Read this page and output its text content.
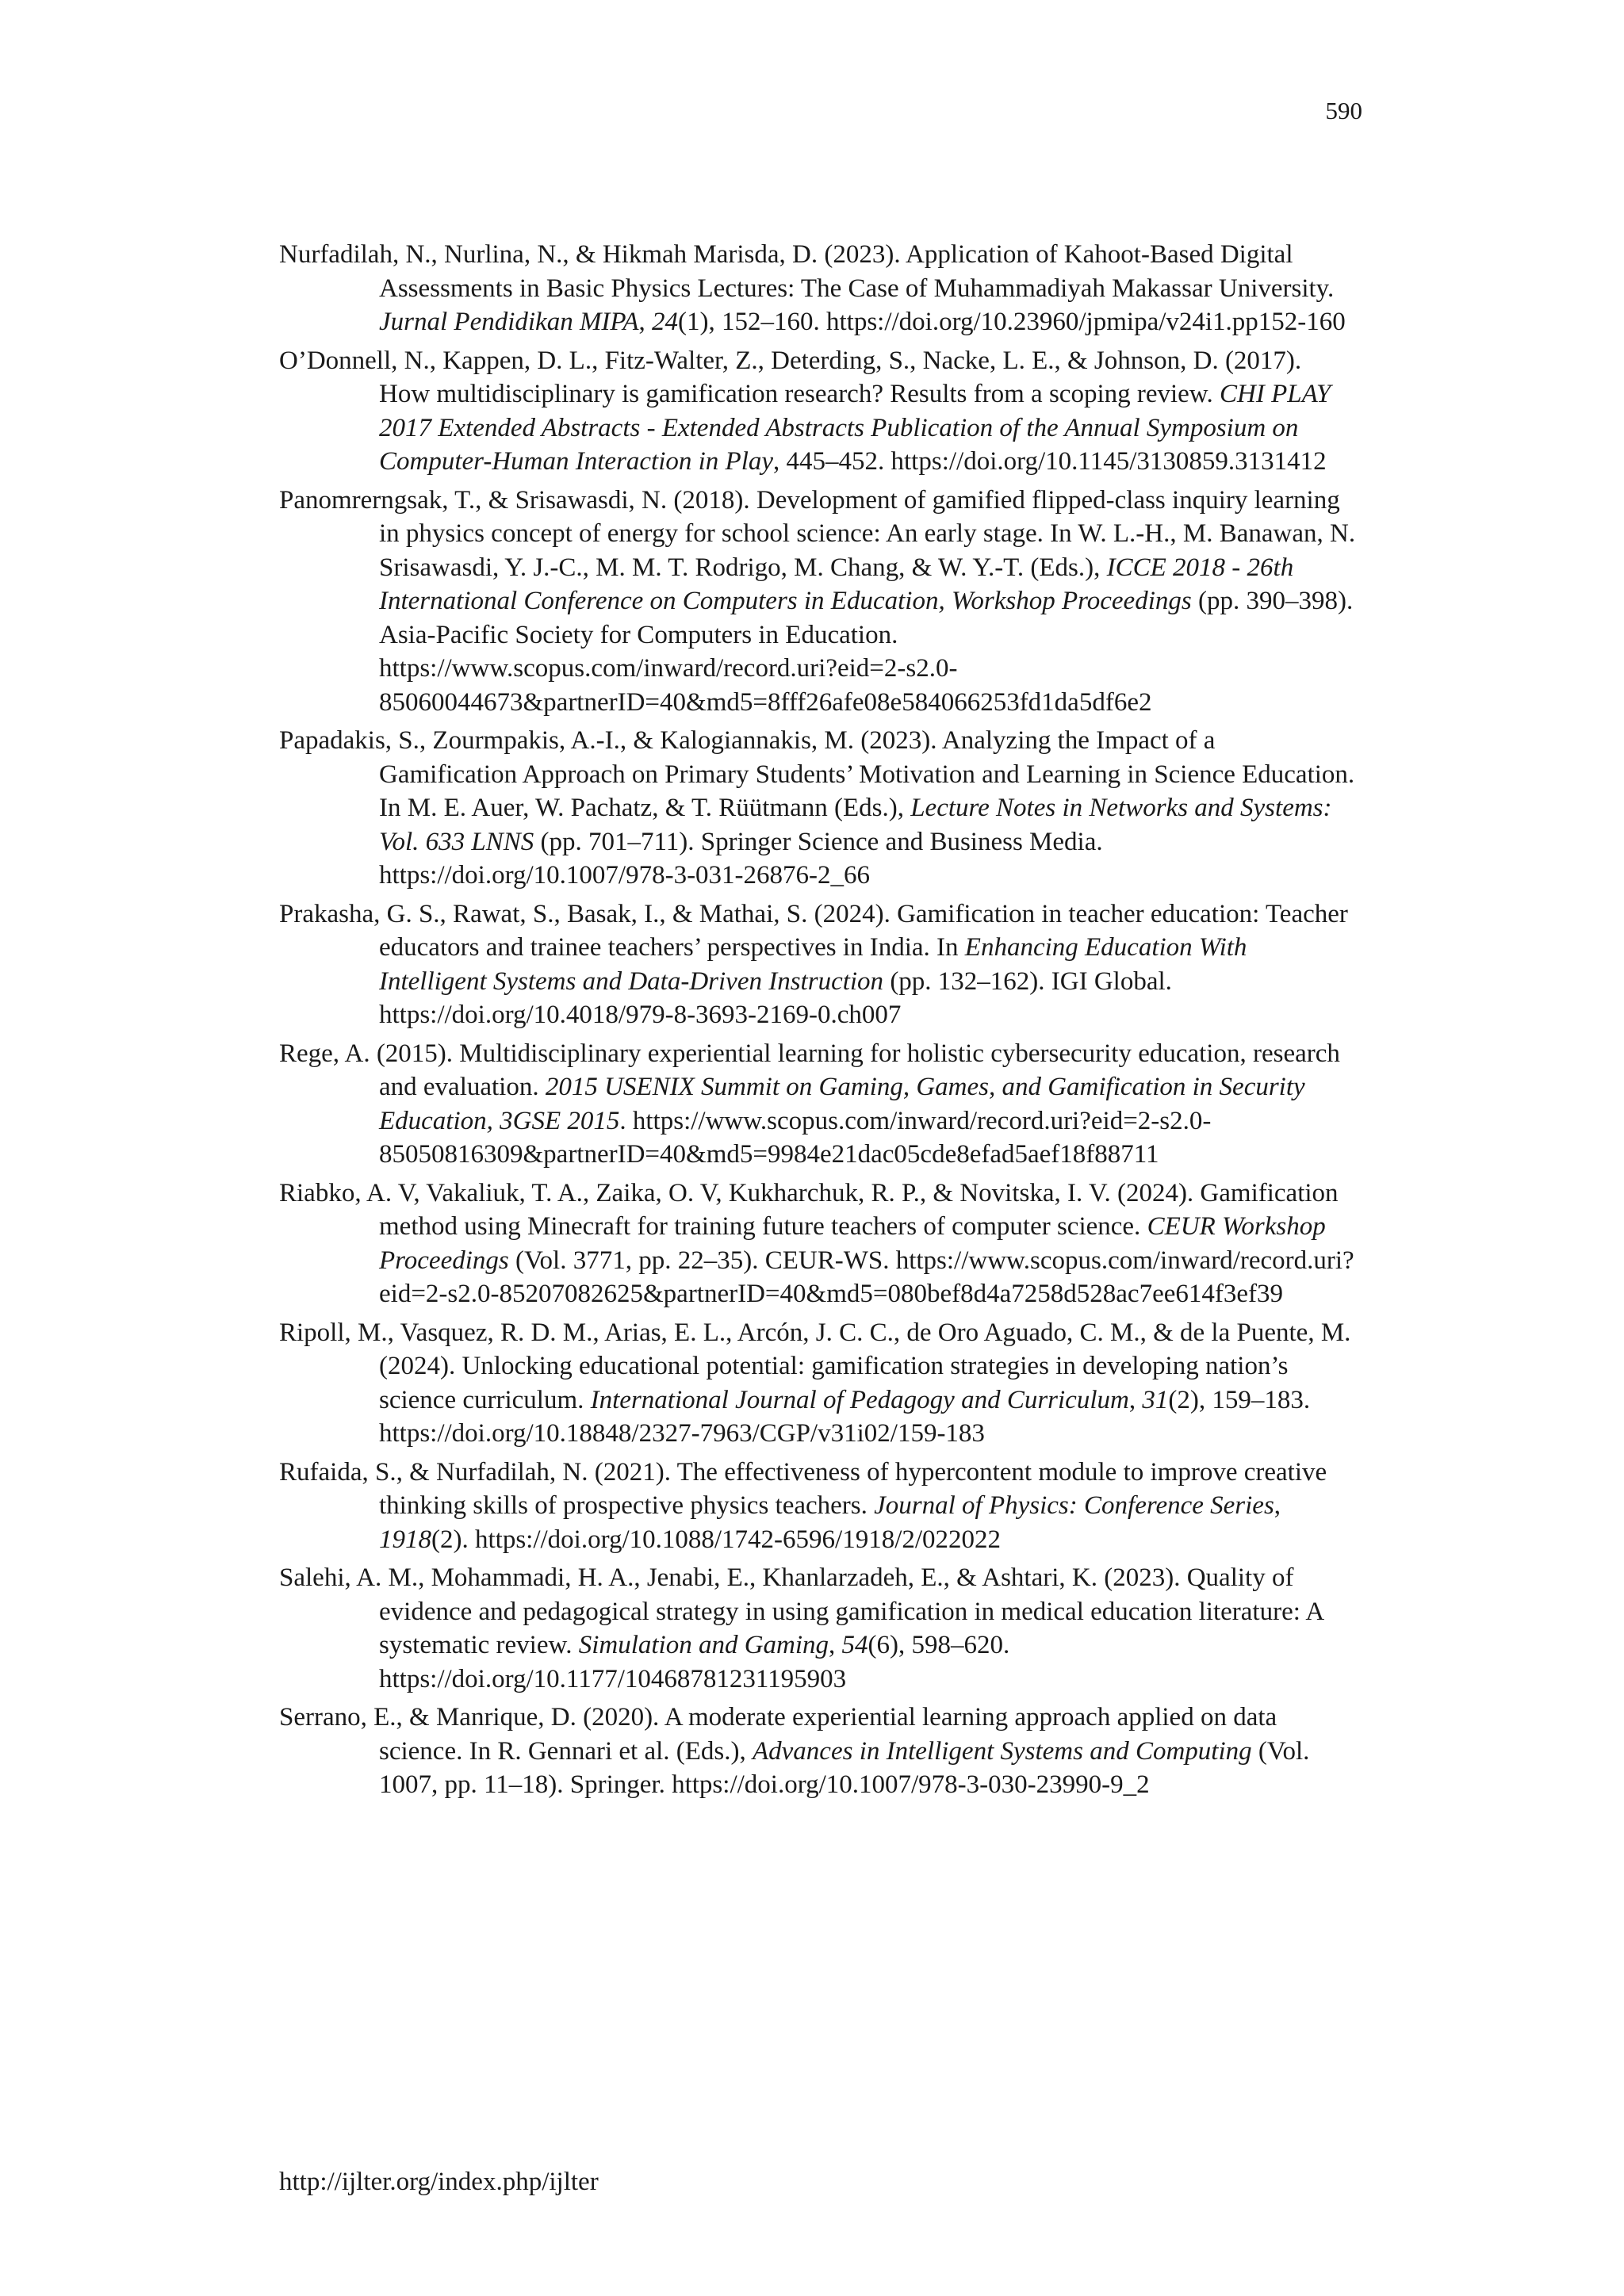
590

Nurfadilah, N., Nurlina, N., & Hikmah Marisda, D. (2023). Application of Kahoot-Based Digital Assessments in Basic Physics Lectures: The Case of Muhammadiyah Makassar University. Jurnal Pendidikan MIPA, 24(1), 152–160. https://doi.org/10.23960/jpmipa/v24i1.pp152-160

O’Donnell, N., Kappen, D. L., Fitz-Walter, Z., Deterding, S., Nacke, L. E., & Johnson, D. (2017). How multidisciplinary is gamification research? Results from a scoping review. CHI PLAY 2017 Extended Abstracts - Extended Abstracts Publication of the Annual Symposium on Computer-Human Interaction in Play, 445–452. https://doi.org/10.1145/3130859.3131412

Panomrerngsak, T., & Srisawasdi, N. (2018). Development of gamified flipped-class inquiry learning in physics concept of energy for school science: An early stage. In W. L.-H., M. Banawan, N. Srisawasdi, Y. J.-C., M. M. T. Rodrigo, M. Chang, & W. Y.-T. (Eds.), ICCE 2018 - 26th International Conference on Computers in Education, Workshop Proceedings (pp. 390–398). Asia-Pacific Society for Computers in Education. https://www.scopus.com/inward/record.uri?eid=2-s2.0-85060044673&partnerID=40&md5=8fff26afe08e584066253fd1da5df6e2

Papadakis, S., Zourmpakis, A.-I., & Kalogiannakis, M. (2023). Analyzing the Impact of a Gamification Approach on Primary Students’ Motivation and Learning in Science Education. In M. E. Auer, W. Pachatz, & T. Rüütmann (Eds.), Lecture Notes in Networks and Systems: Vol. 633 LNNS (pp. 701–711). Springer Science and Business Media. https://doi.org/10.1007/978-3-031-26876-2_66

Prakasha, G. S., Rawat, S., Basak, I., & Mathai, S. (2024). Gamification in teacher education: Teacher educators and trainee teachers’ perspectives in India. In Enhancing Education With Intelligent Systems and Data-Driven Instruction (pp. 132–162). IGI Global. https://doi.org/10.4018/979-8-3693-2169-0.ch007

Rege, A. (2015). Multidisciplinary experiential learning for holistic cybersecurity education, research and evaluation. 2015 USENIX Summit on Gaming, Games, and Gamification in Security Education, 3GSE 2015. https://www.scopus.com/inward/record.uri?eid=2-s2.0-85050816309&partnerID=40&md5=9984e21dac05cde8efad5aef18f88711

Riabko, A. V, Vakaliuk, T. A., Zaika, O. V, Kukharchuk, R. P., & Novitska, I. V. (2024). Gamification method using Minecraft for training future teachers of computer science. CEUR Workshop Proceedings (Vol. 3771, pp. 22–35). CEUR-WS. https://www.scopus.com/inward/record.uri?eid=2-s2.0-85207082625&partnerID=40&md5=080bef8d4a7258d528ac7ee614f3ef39

Ripoll, M., Vasquez, R. D. M., Arias, E. L., Arcón, J. C. C., de Oro Aguado, C. M., & de la Puente, M. (2024). Unlocking educational potential: gamification strategies in developing nation’s science curriculum. International Journal of Pedagogy and Curriculum, 31(2), 159–183. https://doi.org/10.18848/2327-7963/CGP/v31i02/159-183

Rufaida, S., & Nurfadilah, N. (2021). The effectiveness of hypercontent module to improve creative thinking skills of prospective physics teachers. Journal of Physics: Conference Series, 1918(2). https://doi.org/10.1088/1742-6596/1918/2/022022

Salehi, A. M., Mohammadi, H. A., Jenabi, E., Khanlarzadeh, E., & Ashtari, K. (2023). Quality of evidence and pedagogical strategy in using gamification in medical education literature: A systematic review. Simulation and Gaming, 54(6), 598–620. https://doi.org/10.1177/10468781231195903

Serrano, E., & Manrique, D. (2020). A moderate experiential learning approach applied on data science. In R. Gennari et al. (Eds.), Advances in Intelligent Systems and Computing (Vol. 1007, pp. 11–18). Springer. https://doi.org/10.1007/978-3-030-23990-9_2

http://ijlter.org/index.php/ijlter
